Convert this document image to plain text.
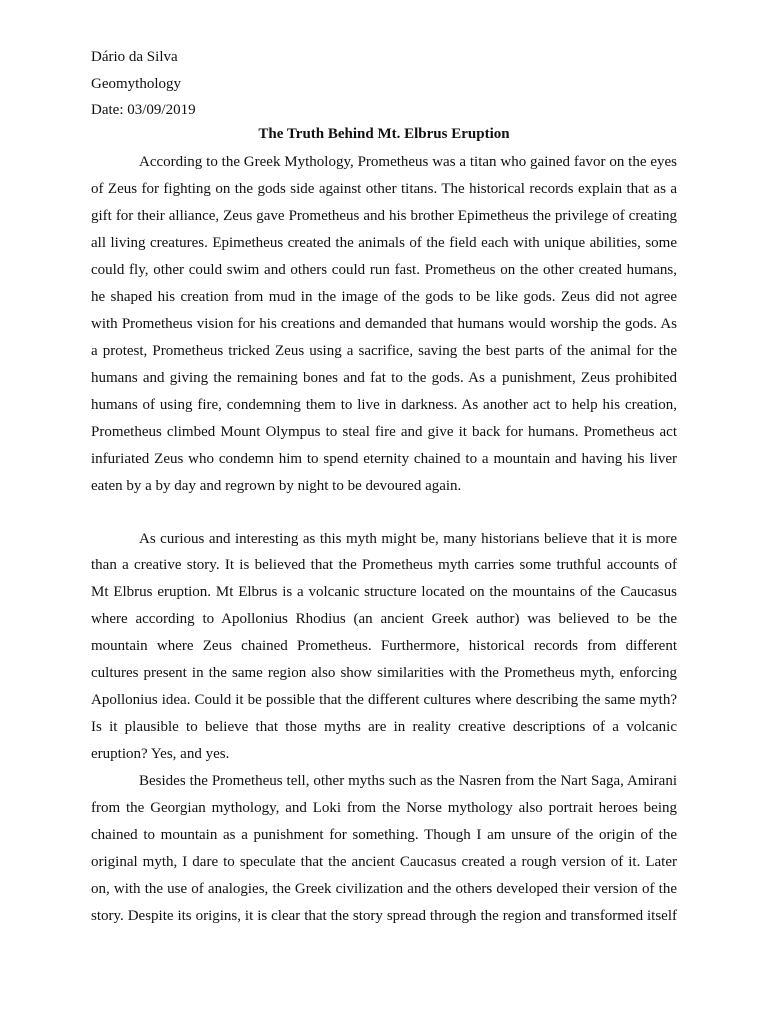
Dário da Silva
Geomythology
Date: 03/09/2019
The Truth Behind Mt. Elbrus Eruption
According to the Greek Mythology, Prometheus was a titan who gained favor on the eyes
of Zeus for fighting on the gods side against other titans. The historical records explain that as a
gift for their alliance, Zeus gave Prometheus and his brother Epimetheus the privilege of creating
all living creatures. Epimetheus created the animals of the field each with unique abilities, some
could fly, other could swim and others could run fast. Prometheus on the other created humans,
he shaped his creation from mud in the image of the gods to be like gods. Zeus did not agree
with Prometheus vision for his creations and demanded that humans would worship the gods. As
a protest, Prometheus tricked Zeus using a sacrifice, saving the best parts of the animal for the
humans and giving the remaining bones and fat to the gods. As a punishment, Zeus prohibited
humans of using fire, condemning them to live in darkness. As another act to help his creation,
Prometheus climbed Mount Olympus to steal fire and give it back for humans. Prometheus act
infuriated Zeus who condemn him to spend eternity chained to a mountain and having his liver
eaten by a by day and regrown by night to be devoured again.
As curious and interesting as this myth might be, many historians believe that it is more
than a creative story. It is believed that the Prometheus myth carries some truthful accounts of
Mt Elbrus eruption. Mt Elbrus is a volcanic structure located on the mountains of the Caucasus
where according to Apollonius Rhodius (an ancient Greek author) was believed to be the
mountain where Zeus chained Prometheus. Furthermore, historical records from different
cultures present in the same region also show similarities with the Prometheus myth, enforcing
Apollonius idea. Could it be possible that the different cultures where describing the same myth?
Is it plausible to believe that those myths are in reality creative descriptions of a volcanic
eruption? Yes, and yes.
Besides the Prometheus tell, other myths such as the Nasren from the Nart Saga, Amirani
from the Georgian mythology, and Loki from the Norse mythology also portrait heroes being
chained to mountain as a punishment for something. Though I am unsure of the origin of the
original myth, I dare to speculate that the ancient Caucasus created a rough version of it. Later
on, with the use of analogies, the Greek civilization and the others developed their version of the
story. Despite its origins, it is clear that the story spread through the region and transformed itself
